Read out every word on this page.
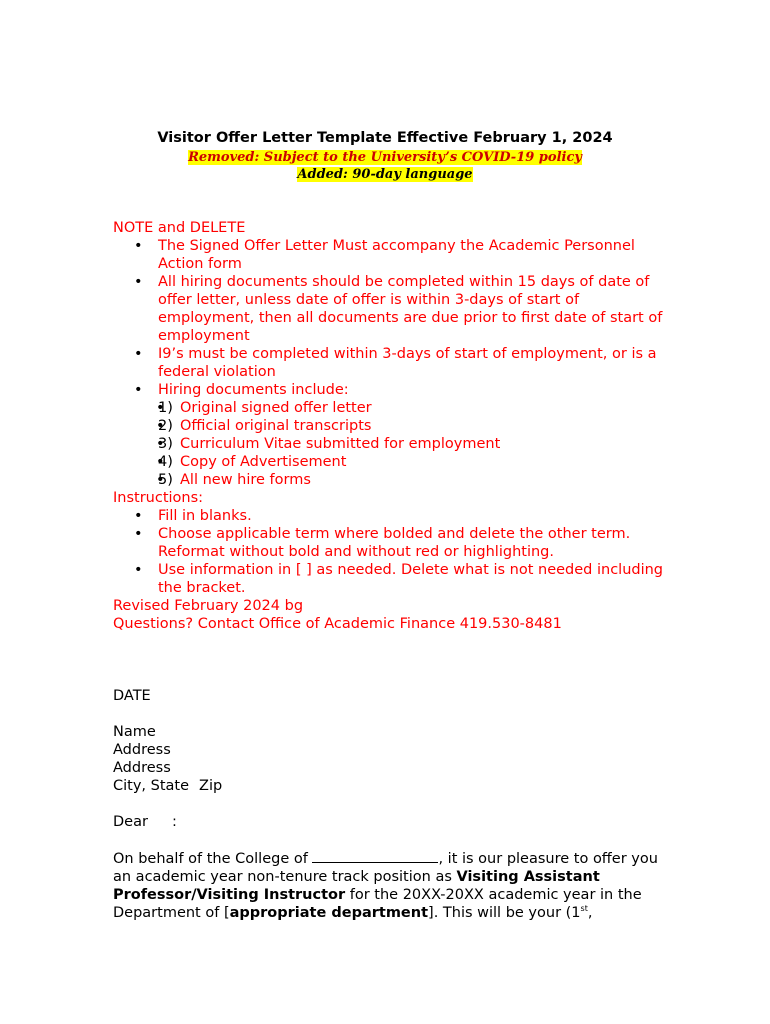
Visitor Offer Letter Template Effective February 1, 2024
Removed: Subject to the University’s COVID-19 policy
Added: 90-day language

NOTE and DELETE

• The Signed Offer Letter Must accompany the Academic Personnel Action form
• All hiring documents should be completed within 15 days of date of offer letter, unless date of offer is within 3-days of start of employment, then all documents are due prior to first date of start of employment
• I9’s must be completed within 3-days of start of employment, or is a federal violation
• Hiring documents include:
• 1) Original signed offer letter
• 2) Official original transcripts
• 3) Curriculum Vitae submitted for employment
• 4) Copy of Advertisement
• 5) All new hire forms

Instructions:

• Fill in blanks.
• Choose applicable term where bolded and delete the other term. Reformat without bold and without red or highlighting.
• Use information in [ ] as needed. Delete what is not needed including the bracket.

Revised February 2024 bg

Questions? Contact Office of Academic Finance 419.530-8481

DATE

Name

Address

Address

City, State Zip

Dear :

On behalf of the College of	, it is our pleasure to offer you an academic year non-tenure track position as Visiting Assistant Professor/Visiting Instructor for the 20XX-20XX academic year in the Department of [appropriate department]. This will be your (1st,
